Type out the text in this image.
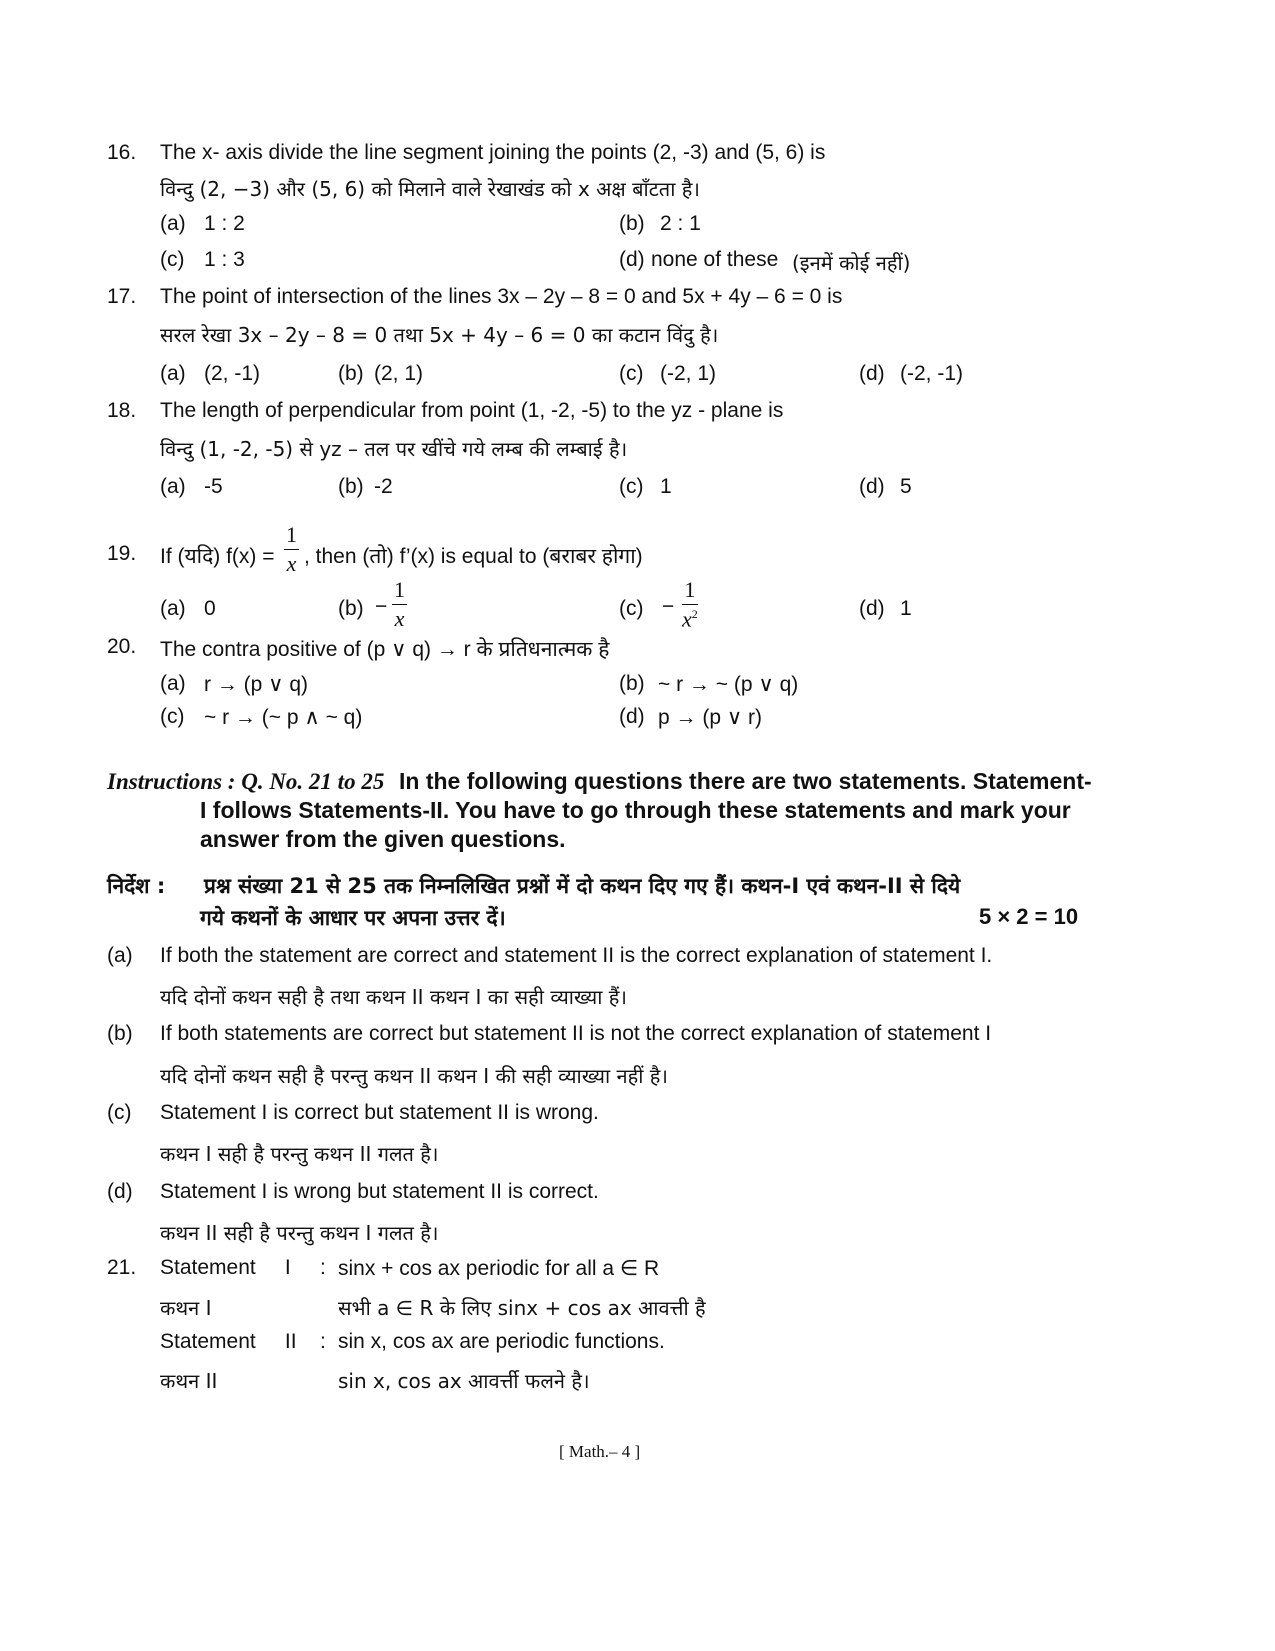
16. The x- axis divide the line segment joining the points (2, -3) and (5, 6) is
विन्दु (2, −3) और (5, 6) को मिलाने वाले रेखाखंड को x अक्ष बाँटता है।
(a) 1 : 2	(b) 2 : 1
(c) 1 : 3	(d) none of these (इनमें कोई नहीं)
17. The point of intersection of the lines 3x – 2y – 8 = 0 and 5x + 4y – 6 = 0 is
सरल रेखा 3x – 2y – 8 = 0 तथा 5x + 4y – 6 = 0 का कटान विंदु है।
(a) (2, -1)	(b) (2, 1)	(c) (-2, 1)	(d) (-2, -1)
18. The length of perpendicular from point (1, -2, -5) to the yz - plane is
विन्दु (1, -2, -5) से yz – तल पर खींचे गये लम्ब की लम्बाई है।
(a) -5	(b) -2	(c) 1	(d) 5
19. If (यदि) $f(x) = \frac{1}{x}$ , then (तो) f’(x) is equal to (बराबर होगा)
(a) 0	$(b) - \frac{1}{x}$	$(c) - \frac{1}{x^2}$	(d) 1
20. The contra positive of (p ∨ q) → r के प्रतिधनात्मक है
(a) r → (p ∨ q)	(b) ~ r → ~ (p ∨ q)
(c) ~ r → (~ p ∧ ~ q)	(d) p → (p ∨ r)
Instructions : Q. No. 21 to 25 In the following questions there are two statements. Statement-
I follows Statements-II. You have to go through these statements and mark your
answer from the given questions.
निर्देश : प्रश्न संख्या 21 से 25 तक निम्नलिखित प्रश्नों में दो कथन दिए गए हैं। कथन-I एवं कथन-II से दिये
गये कथनों के आधार पर अपना उत्तर दें।	5 × 2 = 10
(a) If both the statement are correct and statement II is the correct explanation of statement I.
यदि दोनों कथन सही है तथा कथन II कथन I का सही व्याख्या हैं।
(b) If both statements are correct but statement II is not the correct explanation of statement I
यदि दोनों कथन सही है परन्तु कथन II कथन I की सही व्याख्या नहीं है।
(c) Statement I is correct but statement II is wrong.
कथन I सही है परन्तु कथन II गलत है।
(d) Statement I is wrong but statement II is correct.
कथन II सही है परन्तु कथन I गलत है।
21. Statement     I : sinx + cos ax periodic for all a ∈ R
कथन I	सभी a ∈ R के लिए sinx + cos ax आवत्ती है
Statement     II : sin x, cos ax are periodic functions.
कथन II	sin x, cos ax आवर्त्ती फलने है।
[ Math.– 4 ]
